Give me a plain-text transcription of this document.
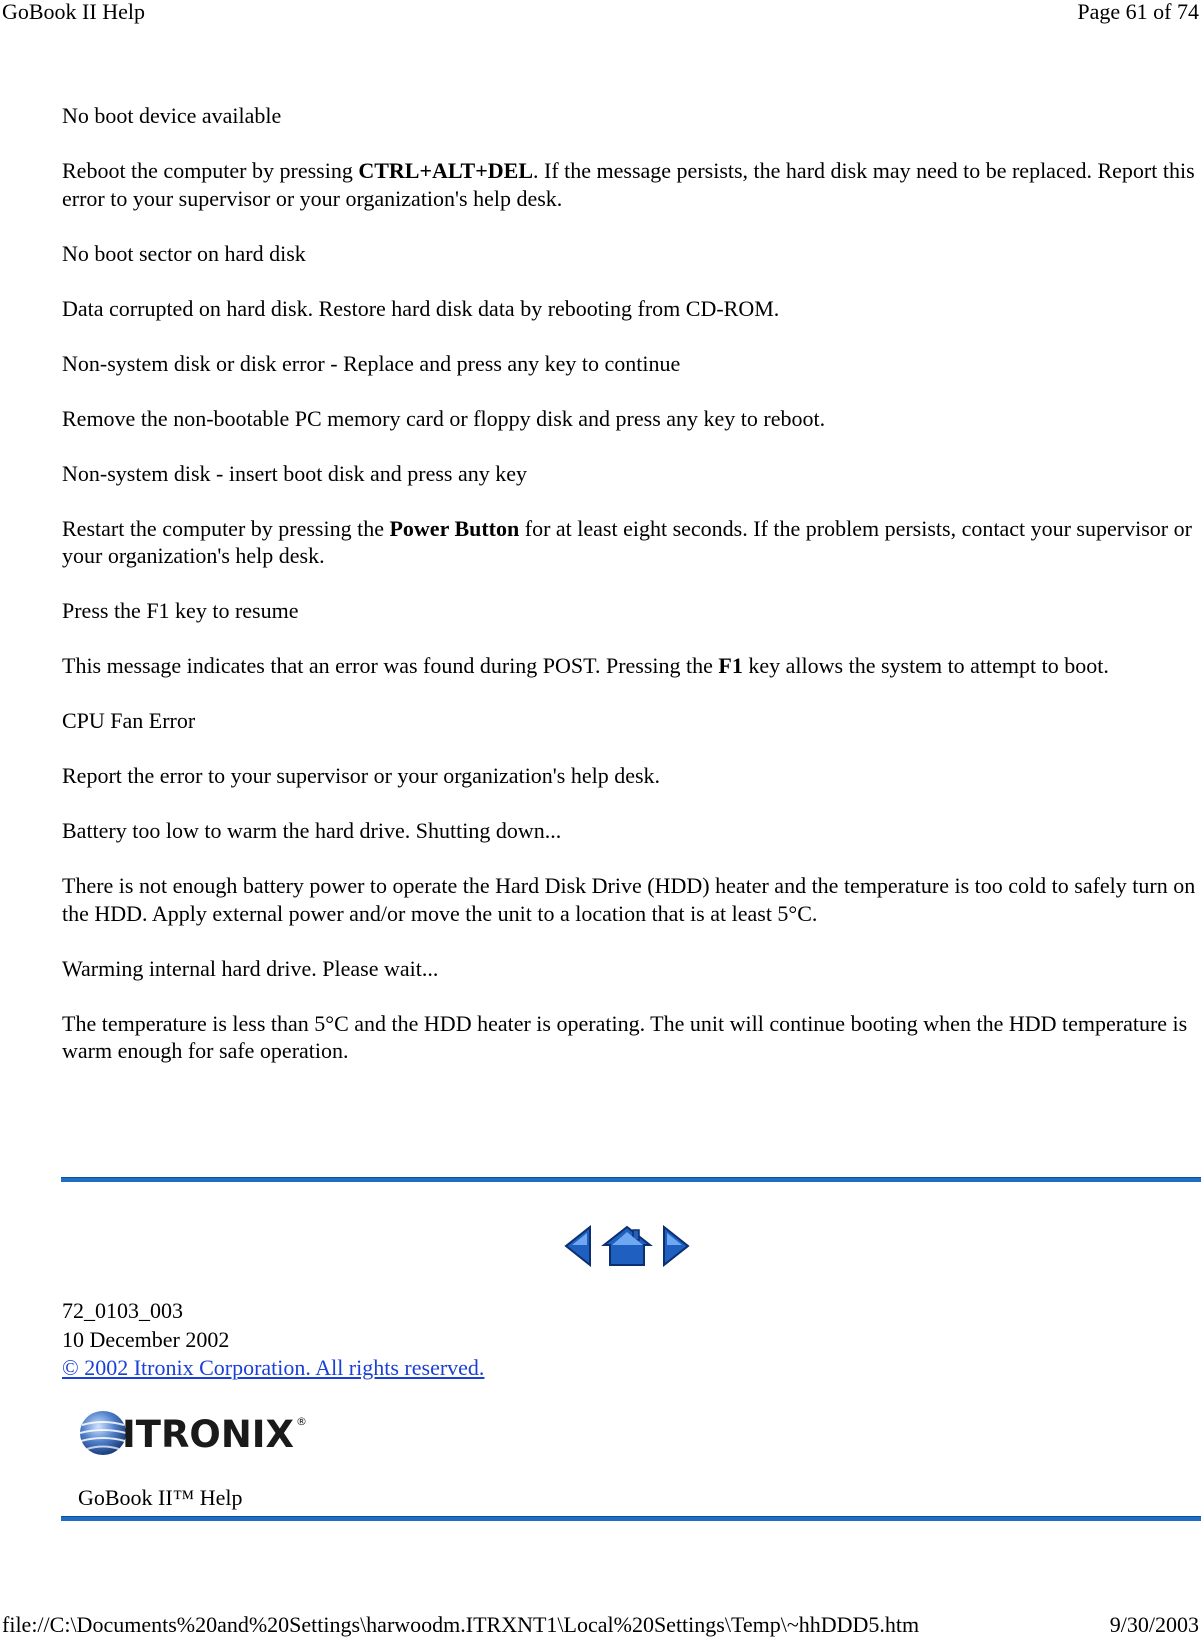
GoBook II Help	Page 61 of 74

No boot device available

Reboot the computer by pressing CTRL+ALT+DEL. If the message persists, the hard disk may need to be replaced. Report this error to your supervisor or your organization's help desk.

No boot sector on hard disk

Data corrupted on hard disk. Restore hard disk data by rebooting from CD-ROM.

Non-system disk or disk error - Replace and press any key to continue

Remove the non-bootable PC memory card or floppy disk and press any key to reboot.

Non-system disk - insert boot disk and press any key

Restart the computer by pressing the Power Button for at least eight seconds. If the problem persists, contact your supervisor or your organization's help desk.

Press the F1 key to resume

This message indicates that an error was found during POST. Pressing the F1 key allows the system to attempt to boot.

CPU Fan Error

Report the error to your supervisor or your organization's help desk.

Battery too low to warm the hard drive. Shutting down...

There is not enough battery power to operate the Hard Disk Drive (HDD) heater and the temperature is too cold to safely turn on the HDD. Apply external power and/or move the unit to a location that is at least 5°C.

Warming internal hard drive. Please wait...

The temperature is less than 5°C and the HDD heater is operating. The unit will continue booting when the HDD temperature is warm enough for safe operation.

72_0103_003
10 December 2002
© 2002 Itronix Corporation. All rights reserved.
ITRONIX ®
GoBook II™ Help
file://C:\Documents%20and%20Settings\harwoodm.ITRXNT1\Local%20Settings\Temp\~hhDDD5.htm	9/30/2003
